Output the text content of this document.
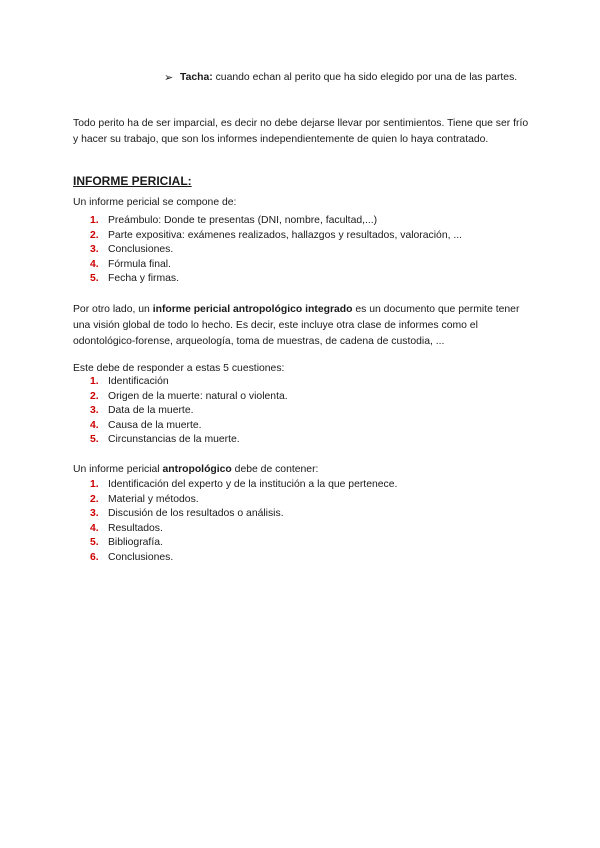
➢ Tacha: cuando echan al perito que ha sido elegido por una de las partes.

Todo perito ha de ser imparcial, es decir no debe dejarse llevar por sentimientos. Tiene que ser frío y hacer su trabajo, que son los informes independientemente de quien lo haya contratado.

INFORME PERICIAL:

Un informe pericial se compone de:

1. Preámbulo: Donde te presentas (DNI, nombre, facultad,...)
2. Parte expositiva: exámenes realizados, hallazgos y resultados, valoración, ...
3. Conclusiones.
4. Fórmula final.
5. Fecha y firmas.

Por otro lado, un informe pericial antropológico integrado es un documento que permite tener una visión global de todo lo hecho. Es decir, este incluye otra clase de informes como el odontológico-forense, arqueología, toma de muestras, de cadena de custodia, ...

Este debe de responder a estas 5 cuestiones:

1. Identificación
2. Origen de la muerte: natural o violenta.
3. Data de la muerte.
4. Causa de la muerte.
5. Circunstancias de la muerte.

Un informe pericial antropológico debe de contener:

1. Identificación del experto y de la institución a la que pertenece.
2. Material y métodos.
3. Discusión de los resultados o análisis.
4. Resultados.
5. Bibliografía.
6. Conclusiones.
